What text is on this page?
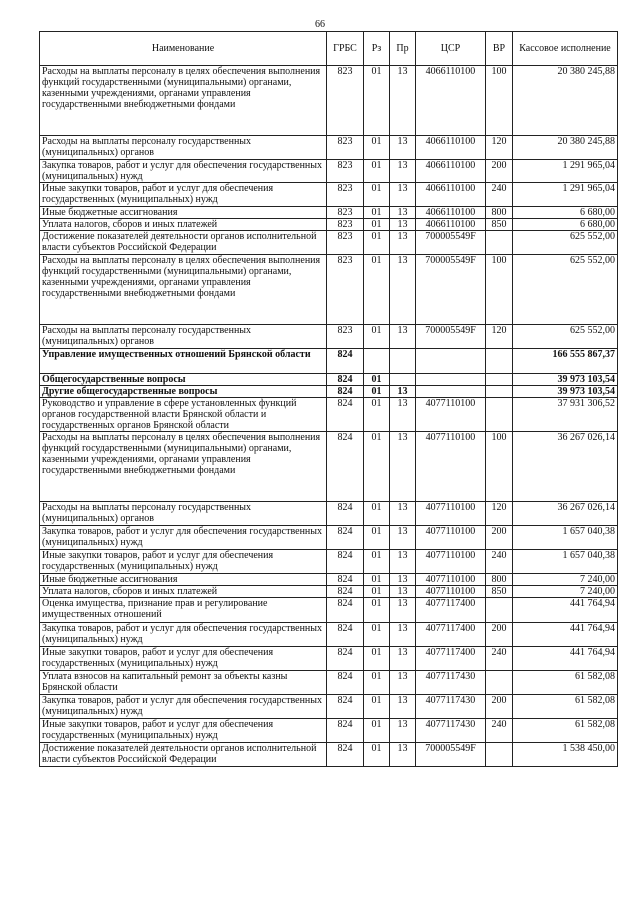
66
Наименование	ГРБС	Рз	Пр	ЦСР	ВР	Кассовое исполнение
Расходы на выплаты персоналу в целях обеспечения выполнения функций государственными (муниципальными) органами, казенными учреждениями, органами управления государственными внебюджетными фондами	823	01	13	4066110100	100	20 380 245,88
Расходы на выплаты персоналу государственных (муниципальных) органов	823	01	13	4066110100	120	20 380 245,88
Закупка товаров, работ и услуг для обеспечения государственных (муниципальных) нужд	823	01	13	4066110100	200	1 291 965,04
Иные закупки товаров, работ и услуг для обеспечения государственных (муниципальных) нужд	823	01	13	4066110100	240	1 291 965,04
Иные бюджетные ассигнования	823	01	13	4066110100	800	6 680,00
Уплата налогов, сборов и иных платежей	823	01	13	4066110100	850	6 680,00
Достижение показателей деятельности органов исполнительной власти субъектов Российской Федерации	823	01	13	700005549F		625 552,00
Расходы на выплаты персоналу в целях обеспечения выполнения функций государственными (муниципальными) органами, казенными учреждениями, органами управления государственными внебюджетными фондами	823	01	13	700005549F	100	625 552,00
Расходы на выплаты персоналу государственных (муниципальных) органов	823	01	13	700005549F	120	625 552,00
Управление имущественных отношений Брянской области	824					166 555 867,37
Общегосударственные вопросы	824	01				39 973 103,54
Другие общегосударственные вопросы	824	01	13			39 973 103,54
Руководство и управление в сфере установленных функций органов государственной власти Брянской области и государственных органов Брянской области	824	01	13	4077110100		37 931 306,52
Расходы на выплаты персоналу в целях обеспечения выполнения функций государственными (муниципальными) органами, казенными учреждениями, органами управления государственными внебюджетными фондами	824	01	13	4077110100	100	36 267 026,14
Расходы на выплаты персоналу государственных (муниципальных) органов	824	01	13	4077110100	120	36 267 026,14
Закупка товаров, работ и услуг для обеспечения государственных (муниципальных) нужд	824	01	13	4077110100	200	1 657 040,38
Иные закупки товаров, работ и услуг для обеспечения государственных (муниципальных) нужд	824	01	13	4077110100	240	1 657 040,38
Иные бюджетные ассигнования	824	01	13	4077110100	800	7 240,00
Уплата налогов, сборов и иных платежей	824	01	13	4077110100	850	7 240,00
Оценка имущества, признание прав и регулирование имущественных отношений	824	01	13	4077117400		441 764,94
Закупка товаров, работ и услуг для обеспечения государственных (муниципальных) нужд	824	01	13	4077117400	200	441 764,94
Иные закупки товаров, работ и услуг для обеспечения государственных (муниципальных) нужд	824	01	13	4077117400	240	441 764,94
Уплата взносов на капитальный ремонт за объекты казны Брянской области	824	01	13	4077117430		61 582,08
Закупка товаров, работ и услуг для обеспечения государственных (муниципальных) нужд	824	01	13	4077117430	200	61 582,08
Иные закупки товаров, работ и услуг для обеспечения государственных (муниципальных) нужд	824	01	13	4077117430	240	61 582,08
Достижение показателей деятельности органов исполнительной власти субъектов Российской Федерации	824	01	13	700005549F		1 538 450,00
